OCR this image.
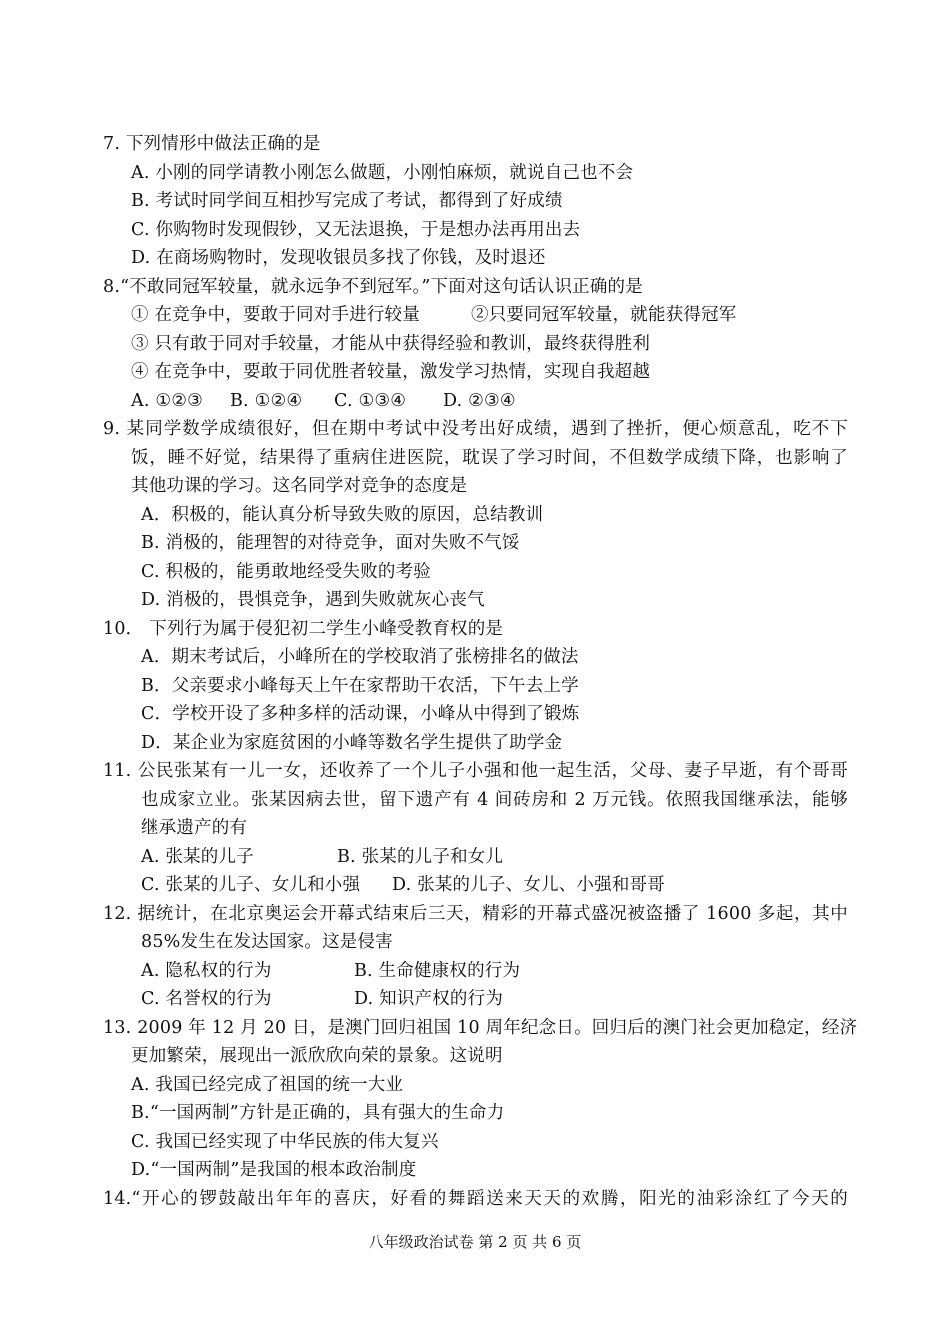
7. 下列情形中做法正确的是
A. 小刚的同学请教小刚怎么做题，小刚怕麻烦，就说自己也不会
B. 考试时同学间互相抄写完成了考试，都得到了好成绩
C. 你购物时发现假钞，又无法退换，于是想办法再用出去
D. 在商场购物时，发现收银员多找了你钱，及时退还
8.“不敢同冠军较量，就永远争不到冠军。”下面对这句话认识正确的是
① 在竞争中，要敢于同对手进行较量	②只要同冠军较量，就能获得冠军
③ 只有敢于同对手较量，才能从中获得经验和教训，最终获得胜利
④ 在竞争中，要敢于同优胜者较量，激发学习热情，实现自我超越
A. ①②③ B. ①②④ C. ①③④ D. ②③④
9. 某同学数学成绩很好，但在期中考试中没考出好成绩，遇到了挫折，便心烦意乱，吃不下
饭，睡不好觉，结果得了重病住进医院，耽误了学习时间，不但数学成绩下降，也影响了
其他功课的学习。这名同学对竞争的态度是
A．积极的，能认真分析导致失败的原因，总结教训
B. 消极的，能理智的对待竞争，面对失败不气馁
C. 积极的，能勇敢地经受失败的考验
D. 消极的，畏惧竞争，遇到失败就灰心丧气
10． 下列行为属于侵犯初二学生小峰受教育权的是
A．期末考试后，小峰所在的学校取消了张榜排名的做法
B．父亲要求小峰每天上午在家帮助干农活，下午去上学
C．学校开设了多种多样的活动课，小峰从中得到了锻炼
D．某企业为家庭贫困的小峰等数名学生提供了助学金
11. 公民张某有一儿一女，还收养了一个儿子小强和他一起生活，父母、妻子早逝，有个哥哥
也成家立业。张某因病去世，留下遗产有 4 间砖房和 2 万元钱。依照我国继承法，能够
继承遗产的有
A. 张某的儿子	B. 张某的儿子和女儿
C. 张某的儿子、女儿和小强 D. 张某的儿子、女儿、小强和哥哥
12. 据统计，在北京奥运会开幕式结束后三天，精彩的开幕式盛况被盗播了 1600 多起，其中
85%发生在发达国家。这是侵害
A. 隐私权的行为	B. 生命健康权的行为
C. 名誉权的行为	D. 知识产权的行为
13. 2009 年 12 月 20 日，是澳门回归祖国 10 周年纪念日。回归后的澳门社会更加稳定，经济
更加繁荣，展现出一派欣欣向荣的景象。这说明
A. 我国已经完成了祖国的统一大业
B.“一国两制”方针是正确的，具有强大的生命力
C. 我国已经实现了中华民族的伟大复兴
D.“一国两制”是我国的根本政治制度
14.“开心的锣鼓敲出年年的喜庆，好看的舞蹈送来天天的欢腾，阳光的油彩涂红了今天的
八年级政治试卷 第 2 页 共 6 页
